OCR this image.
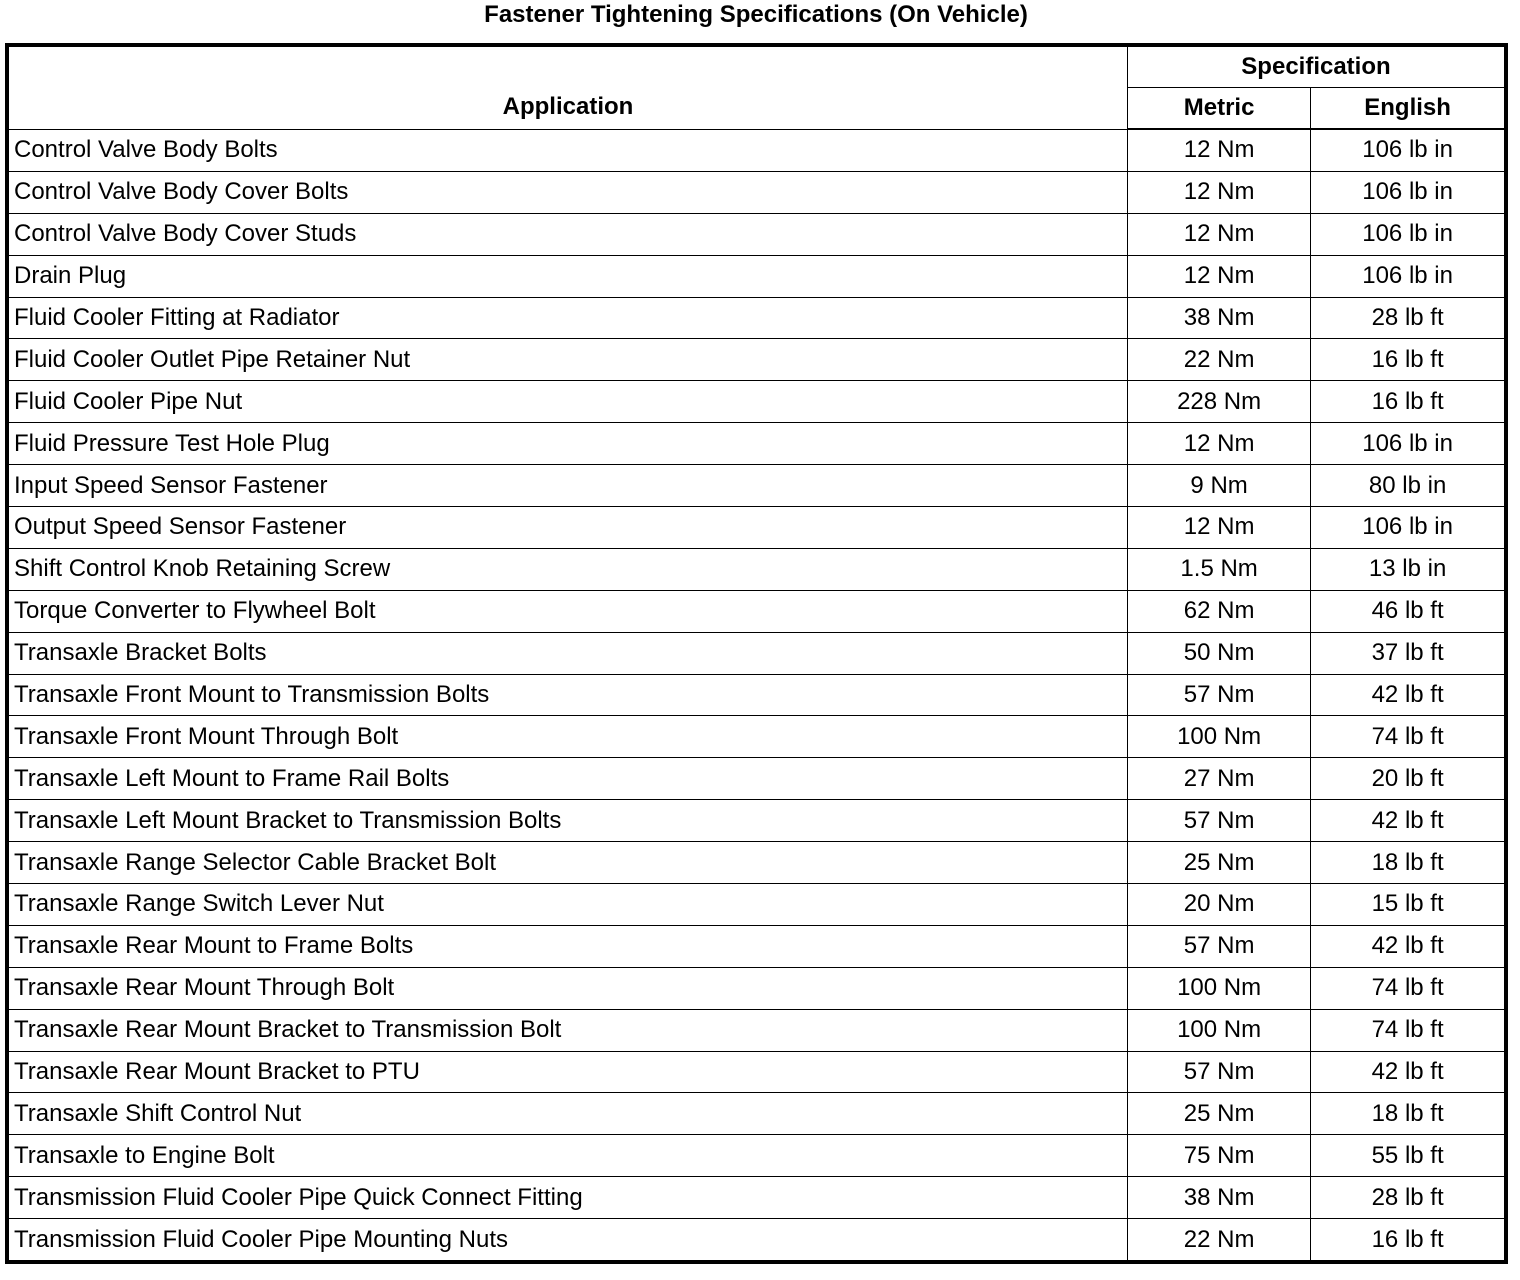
Fastener Tightening Specifications (On Vehicle)
Application	Specification	
	Metric	English
Control Valve Body Bolts	12 Nm	106 lb in
Control Valve Body Cover Bolts	12 Nm	106 lb in
Control Valve Body Cover Studs	12 Nm	106 lb in
Drain Plug	12 Nm	106 lb in
Fluid Cooler Fitting at Radiator	38 Nm	28 lb ft
Fluid Cooler Outlet Pipe Retainer Nut	22 Nm	16 lb ft
Fluid Cooler Pipe Nut	228 Nm	16 lb ft
Fluid Pressure Test Hole Plug	12 Nm	106 lb in
Input Speed Sensor Fastener	9 Nm	80 lb in
Output Speed Sensor Fastener	12 Nm	106 lb in
Shift Control Knob Retaining Screw	1.5 Nm	13 lb in
Torque Converter to Flywheel Bolt	62 Nm	46 lb ft
Transaxle Bracket Bolts	50 Nm	37 lb ft
Transaxle Front Mount to Transmission Bolts	57 Nm	42 lb ft
Transaxle Front Mount Through Bolt	100 Nm	74 lb ft
Transaxle Left Mount to Frame Rail Bolts	27 Nm	20 lb ft
Transaxle Left Mount Bracket to Transmission Bolts	57 Nm	42 lb ft
Transaxle Range Selector Cable Bracket Bolt	25 Nm	18 lb ft
Transaxle Range Switch Lever Nut	20 Nm	15 lb ft
Transaxle Rear Mount to Frame Bolts	57 Nm	42 lb ft
Transaxle Rear Mount Through Bolt	100 Nm	74 lb ft
Transaxle Rear Mount Bracket to Transmission Bolt	100 Nm	74 lb ft
Transaxle Rear Mount Bracket to PTU	57 Nm	42 lb ft
Transaxle Shift Control Nut	25 Nm	18 lb ft
Transaxle to Engine Bolt	75 Nm	55 lb ft
Transmission Fluid Cooler Pipe Quick Connect Fitting	38 Nm	28 lb ft
Transmission Fluid Cooler Pipe Mounting Nuts	22 Nm	16 lb ft
